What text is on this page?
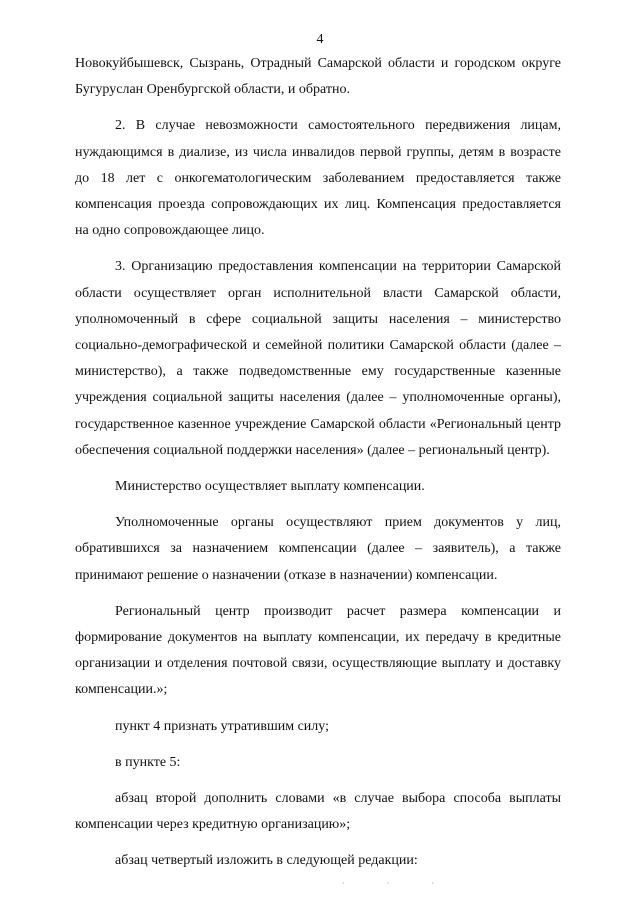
4

Новокуйбышевск, Сызрань, Отрадный Самарской области и городском округе Бугуруслан Оренбургской области, и обратно.

2. В случае невозможности самостоятельного передвижения лицам, нуждающимся в диализе, из числа инвалидов первой группы, детям в возрасте до 18 лет с онкогематологическим заболеванием предоставляется также компенсация проезда сопровождающих их лиц. Компенсация предоставляется на одно сопровождающее лицо.

3. Организацию предоставления компенсации на территории Самарской области осуществляет орган исполнительной власти Самарской области, уполномоченный в сфере социальной защиты населения – министерство социально-демографической и семейной политики Самарской области (далее – министерство), а также подведомственные ему государственные казенные учреждения социальной защиты населения (далее – уполномоченные органы), государственное казенное учреждение Самарской области «Региональный центр обеспечения социальной поддержки населения» (далее – региональный центр).

Министерство осуществляет выплату компенсации.

Уполномоченные органы осуществляют прием документов у лиц, обратившихся за назначением компенсации (далее – заявитель), а также принимают решение о назначении (отказе в назначении) компенсации.

Региональный центр производит расчет размера компенсации и формирование документов на выплату компенсации, их передачу в кредитные организации и отделения почтовой связи, осуществляющие выплату и доставку компенсации.»;

пункт 4 признать утратившим силу;

в пункте 5:

абзац второй дополнить словами «в случае выбора способа выплаты компенсации через кредитную организацию»;

абзац четвертый изложить в следующей редакции:

· · ·
